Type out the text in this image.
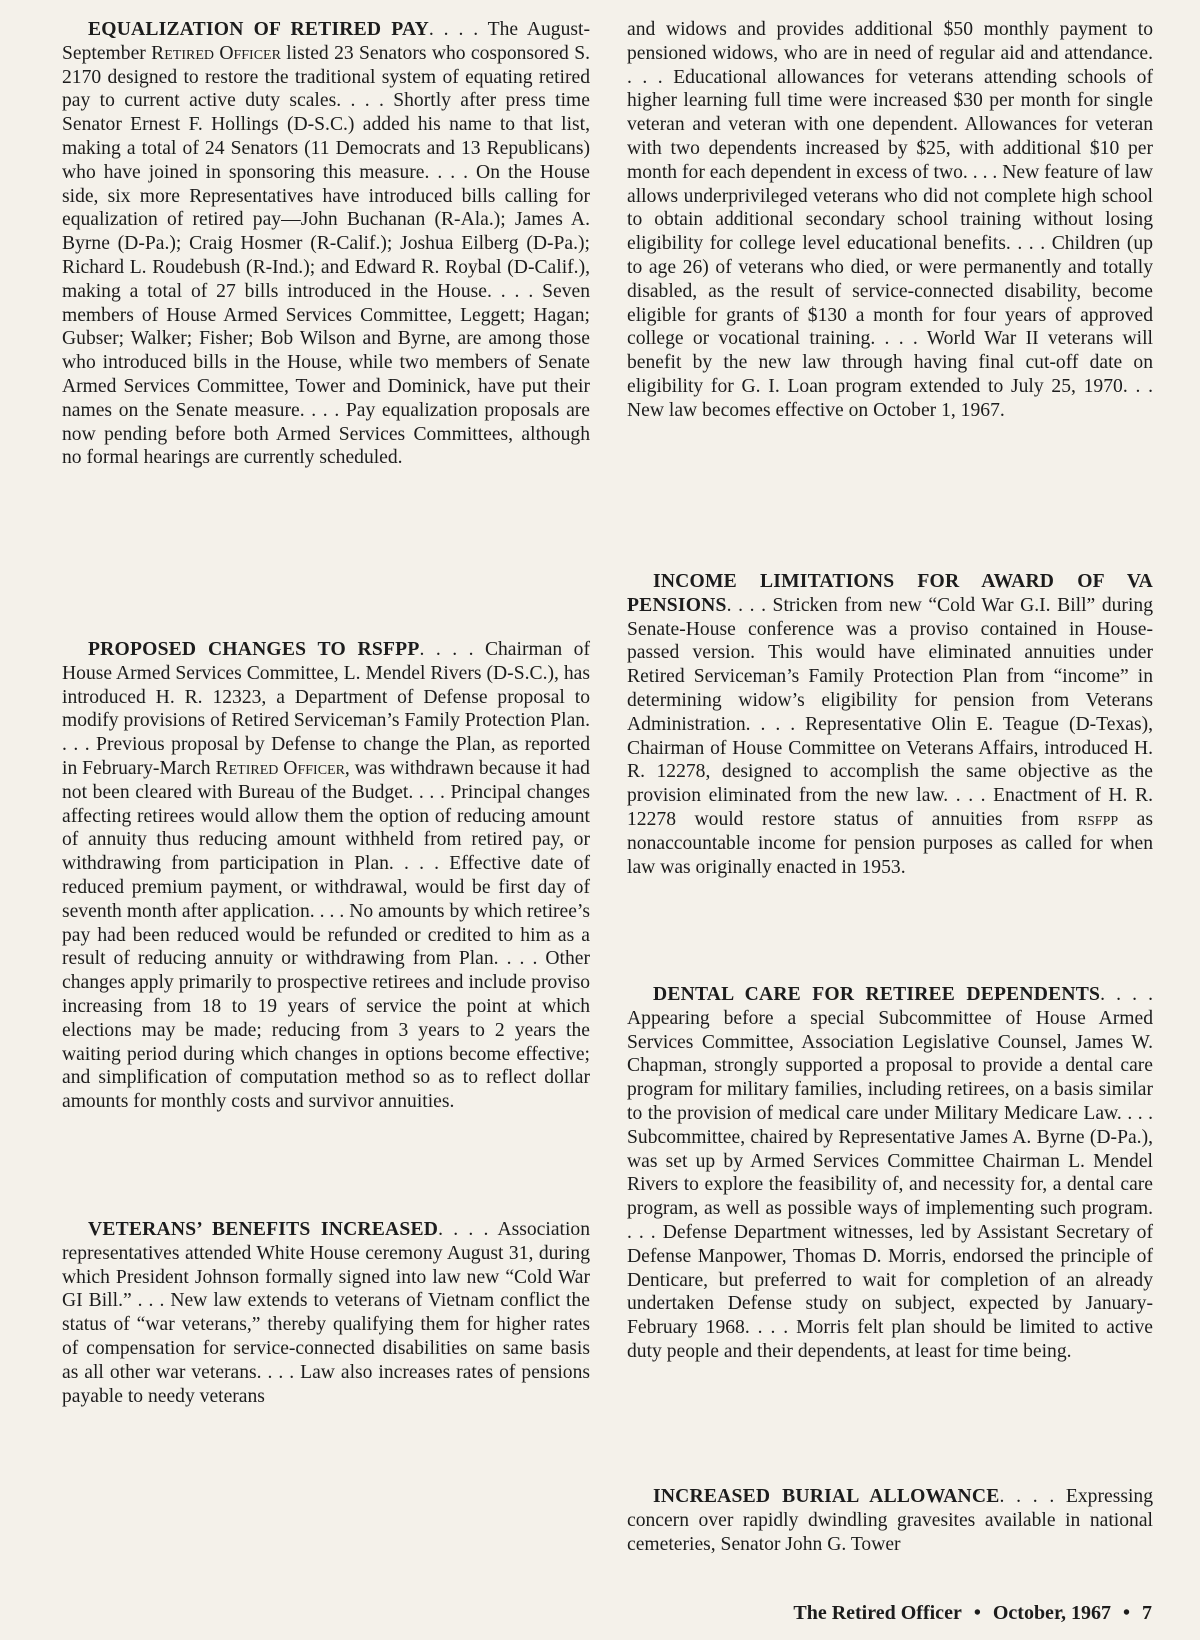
EQUALIZATION OF RETIRED PAY. . . . The August-September Retired Officer listed 23 Senators who cosponsored S. 2170 designed to restore the traditional system of equating retired pay to current active duty scales. . . . Shortly after press time Senator Ernest F. Hollings (D-S.C.) added his name to that list, making a total of 24 Senators (11 Democrats and 13 Republicans) who have joined in sponsoring this measure. . . . On the House side, six more Representatives have introduced bills calling for equalization of retired pay—John Buchanan (R-Ala.); James A. Byrne (D-Pa.); Craig Hosmer (R-Calif.); Joshua Eilberg (D-Pa.); Richard L. Roudebush (R-Ind.); and Edward R. Roybal (D-Calif.), making a total of 27 bills introduced in the House. . . . Seven members of House Armed Services Committee, Leggett; Hagan; Gubser; Walker; Fisher; Bob Wilson and Byrne, are among those who introduced bills in the House, while two members of Senate Armed Services Committee, Tower and Dominick, have put their names on the Senate measure. . . . Pay equalization proposals are now pending before both Armed Services Committees, although no formal hearings are currently scheduled.

PROPOSED CHANGES TO RSFPP. . . . Chairman of House Armed Services Committee, L. Mendel Rivers (D-S.C.), has introduced H. R. 12323, a Department of Defense proposal to modify provisions of Retired Serviceman’s Family Protection Plan. . . . Previous proposal by Defense to change the Plan, as reported in February-March Retired Officer, was withdrawn because it had not been cleared with Bureau of the Budget. . . . Principal changes affecting retirees would allow them the option of reducing amount of annuity thus reducing amount withheld from retired pay, or withdrawing from participation in Plan. . . . Effective date of reduced premium payment, or withdrawal, would be first day of seventh month after application. . . . No amounts by which retiree’s pay had been reduced would be refunded or credited to him as a result of reducing annuity or withdrawing from Plan. . . . Other changes apply primarily to prospective retirees and include proviso increasing from 18 to 19 years of service the point at which elections may be made; reducing from 3 years to 2 years the waiting period during which changes in options become effective; and simplification of computation method so as to reflect dollar amounts for monthly costs and survivor annuities.

VETERANS’ BENEFITS INCREASED. . . . Association representatives attended White House ceremony August 31, during which President Johnson formally signed into law new “Cold War GI Bill.” . . . New law extends to veterans of Vietnam conflict the status of “war veterans,” thereby qualifying them for higher rates of compensation for service-connected disabilities on same basis as all other war veterans. . . . Law also increases rates of pensions payable to needy veterans

and widows and provides additional $50 monthly payment to pensioned widows, who are in need of regular aid and attendance. . . . Educational allowances for veterans attending schools of higher learning full time were increased $30 per month for single veteran and veteran with one dependent. Allowances for veteran with two dependents increased by $25, with additional $10 per month for each dependent in excess of two. . . . New feature of law allows underprivileged veterans who did not complete high school to obtain additional secondary school training without losing eligibility for college level educational benefits. . . . Children (up to age 26) of veterans who died, or were permanently and totally disabled, as the result of service-connected disability, become eligible for grants of $130 a month for four years of approved college or vocational training. . . . World War II veterans will benefit by the new law through having final cut-off date on eligibility for G. I. Loan program extended to July 25, 1970. . . New law becomes effective on October 1, 1967.

INCOME LIMITATIONS FOR AWARD OF VA PENSIONS. . . . Stricken from new “Cold War G.I. Bill” during Senate-House conference was a proviso contained in House-passed version. This would have eliminated annuities under Retired Serviceman’s Family Protection Plan from “income” in determining widow’s eligibility for pension from Veterans Administration. . . . Representative Olin E. Teague (D-Texas), Chairman of House Committee on Veterans Affairs, introduced H. R. 12278, designed to accomplish the same objective as the provision eliminated from the new law. . . . Enactment of H. R. 12278 would restore status of annuities from rsfpp as nonaccountable income for pension purposes as called for when law was originally enacted in 1953.

DENTAL CARE FOR RETIREE DEPENDENTS. . . . Appearing before a special Subcommittee of House Armed Services Committee, Association Legislative Counsel, James W. Chapman, strongly supported a proposal to provide a dental care program for military families, including retirees, on a basis similar to the provision of medical care under Military Medicare Law. . . . Subcommittee, chaired by Representative James A. Byrne (D-Pa.), was set up by Armed Services Committee Chairman L. Mendel Rivers to explore the feasibility of, and necessity for, a dental care program, as well as possible ways of implementing such program. . . . Defense Department witnesses, led by Assistant Secretary of Defense Manpower, Thomas D. Morris, endorsed the principle of Denticare, but preferred to wait for completion of an already undertaken Defense study on subject, expected by January-February 1968. . . . Morris felt plan should be limited to active duty people and their dependents, at least for time being.

INCREASED BURIAL ALLOWANCE. . . . Expressing concern over rapidly dwindling gravesites available in national cemeteries, Senator John G. Tower

The Retired Officer • October, 1967 • 7
